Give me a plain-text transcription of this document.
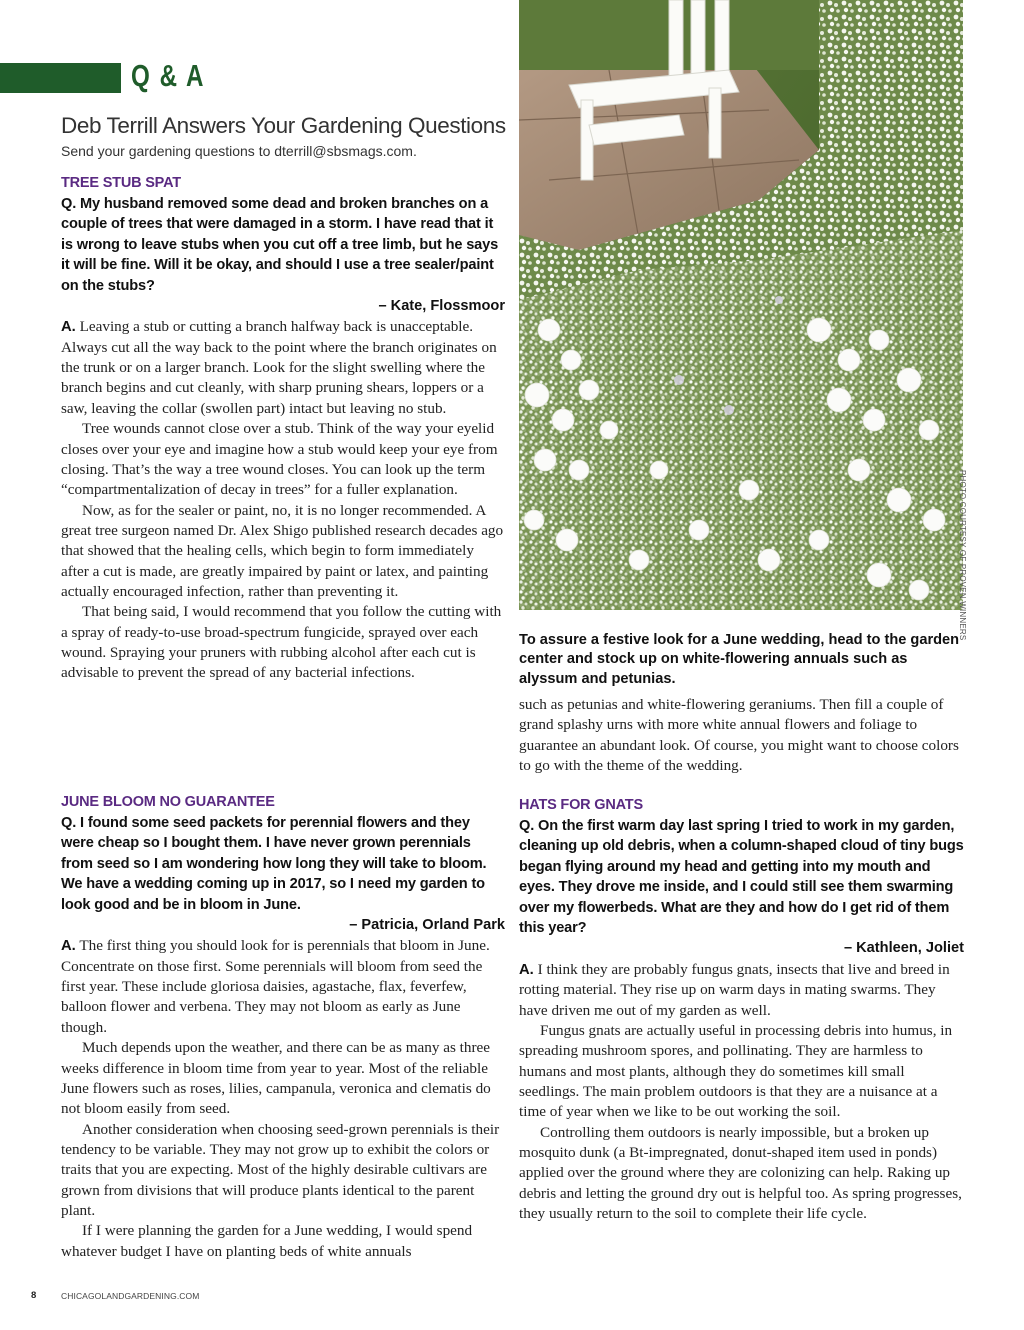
Q & A
Deb Terrill Answers Your Gardening Questions
Send your gardening questions to dterrill@sbsmags.com.

TREE STUB SPAT

Q. My husband removed some dead and broken branches on a couple of trees that were damaged in a storm. I have read that it is wrong to leave stubs when you cut off a tree limb, but he says it will be fine. Will it be okay, and should I use a tree sealer/paint on the stubs?

– Kate, Flossmoor

A. Leaving a stub or cutting a branch halfway back is unacceptable. Always cut all the way back to the point where the branch originates on the trunk or on a larger branch. Look for the slight swelling where the branch begins and cut cleanly, with sharp pruning shears, loppers or a saw, leaving the collar (swollen part) intact but leaving no stub.

Tree wounds cannot close over a stub. Think of the way your eyelid closes over your eye and imagine how a stub would keep your eye from closing. That’s the way a tree wound closes. You can look up the term “compartmentalization of decay in trees” for a fuller explanation.

Now, as for the sealer or paint, no, it is no longer recommended. A great tree surgeon named Dr. Alex Shigo published research decades ago that showed that the healing cells, which begin to form immediately after a cut is made, are greatly impaired by paint or latex, and painting actually encouraged infection, rather than preventing it.

That being said, I would recommend that you follow the cutting with a spray of ready-to-use broad-spectrum fungicide, sprayed over each wound. Spraying your pruners with rubbing alcohol after each cut is advisable to prevent the spread of any bacterial infections.

JUNE BLOOM NO GUARANTEE

Q. I found some seed packets for perennial flowers and they were cheap so I bought them. I have never grown perennials from seed so I am wondering how long they will take to bloom. We have a wedding coming up in 2017, so I need my garden to look good and be in bloom in June.

– Patricia, Orland Park

A. The first thing you should look for is perennials that bloom in June. Concentrate on those first. Some perennials will bloom from seed the first year. These include gloriosa daisies, agastache, flax, feverfew, balloon flower and verbena. They may not bloom as early as June though.

Much depends upon the weather, and there can be as many as three weeks difference in bloom time from year to year. Most of the reliable June flowers such as roses, lilies, campanula, veronica and clematis do not bloom easily from seed.

Another consideration when choosing seed-grown perennials is their tendency to be variable. They may not grow up to exhibit the colors or traits that you are expecting. Most of the highly desirable cultivars are grown from divisions that will produce plants identical to the parent plant.

If I were planning the garden for a June wedding, I would spend whatever budget I have on planting beds of white annuals

PHOTO COURTESY OF PROVEN WINNERS

To assure a festive look for a June wedding, head to the garden center and stock up on white-flowering annuals such as alyssum and petunias.

such as petunias and white-flowering geraniums. Then fill a couple of grand splashy urns with more white annual flowers and foliage to guarantee an abundant look. Of course, you might want to choose colors to go with the theme of the wedding.

HATS FOR GNATS

Q. On the first warm day last spring I tried to work in my garden, cleaning up old debris, when a column-shaped cloud of tiny bugs began flying around my head and getting into my mouth and eyes. They drove me inside, and I could still see them swarming over my flowerbeds. What are they and how do I get rid of them this year?

– Kathleen, Joliet

A. I think they are probably fungus gnats, insects that live and breed in rotting material. They rise up on warm days in mating swarms. They have driven me out of my garden as well.

Fungus gnats are actually useful in processing debris into humus, in spreading mushroom spores, and pollinating. They are harmless to humans and most plants, although they do sometimes kill small seedlings. The main problem outdoors is that they are a nuisance at a time of year when we like to be out working the soil.

Controlling them outdoors is nearly impossible, but a broken up mosquito dunk (a Bt-impregnated, donut-shaped item used in ponds) applied over the ground where they are colonizing can help. Raking up debris and letting the ground dry out is helpful too. As spring progresses, they usually return to the soil to complete their life cycle.

8	CHICAGOLANDGARDENING.COM
